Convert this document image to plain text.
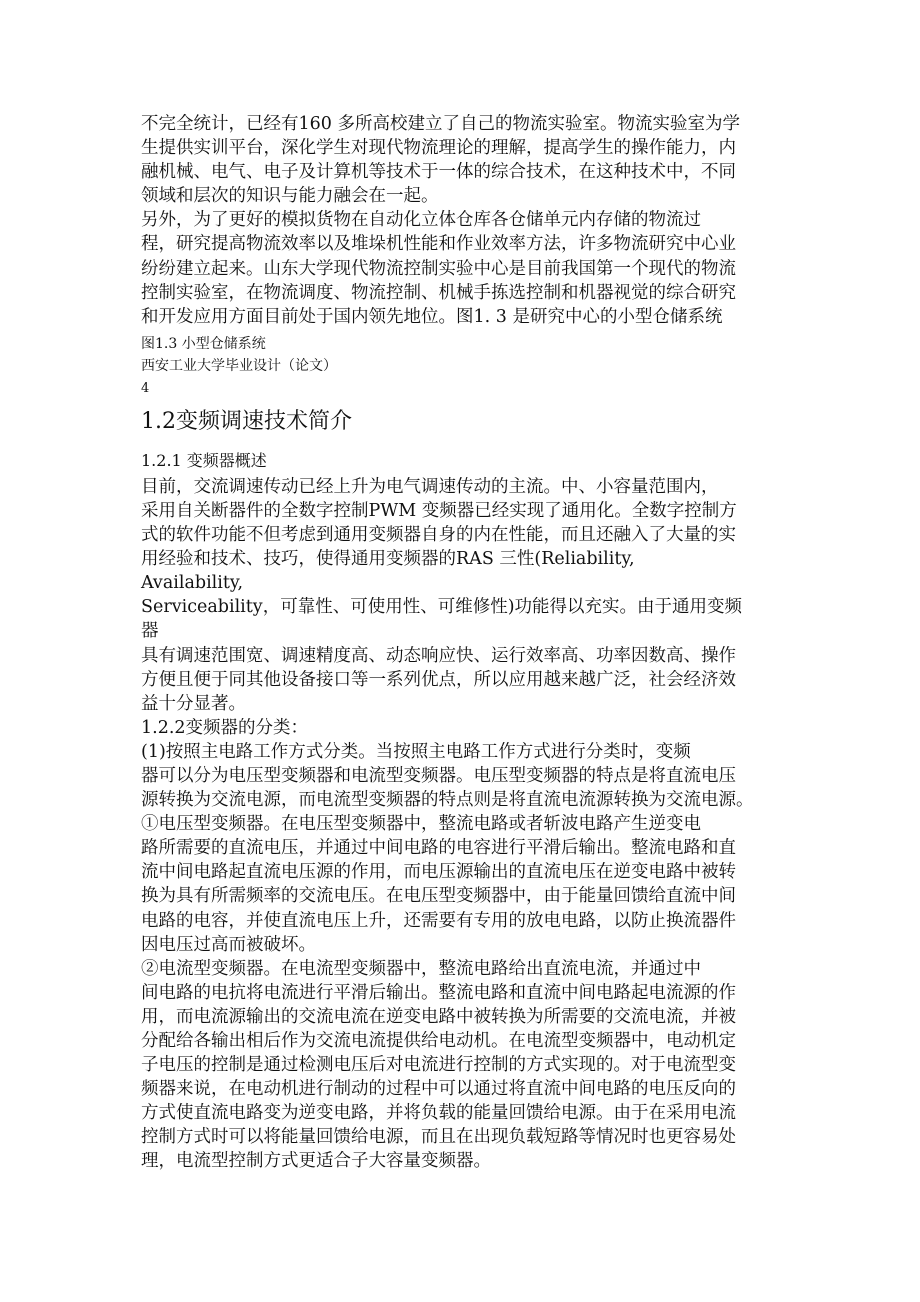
不完全统计，已经有160 多所高校建立了自己的物流实验室。物流实验室为学
生提供实训平台，深化学生对现代物流理论的理解，提高学生的操作能力，内
融机械、电气、电子及计算机等技术于一体的综合技术，在这种技术中，不同
领域和层次的知识与能力融会在一起。
另外，为了更好的模拟货物在自动化立体仓库各仓储单元内存储的物流过
程，研究提高物流效率以及堆垛机性能和作业效率方法，许多物流研究中心业
纷纷建立起来。山东大学现代物流控制实验中心是目前我国第一个现代的物流
控制实验室，在物流调度、物流控制、机械手拣选控制和机器视觉的综合研究
和开发应用方面目前处于国内领先地位。图1. 3 是研究中心的小型仓储系统
图1.3 小型仓储系统
西安工业大学毕业设计（论文）
4
1.2变频调速技术简介
1.2.1 变频器概述
目前，交流调速传动已经上升为电气调速传动的主流。中、小容量范围内，
采用自关断器件的全数字控制PWM 变频器已经实现了通用化。全数字控制方
式的软件功能不但考虑到通用变频器自身的内在性能，而且还融入了大量的实
用经验和技术、技巧，使得通用变频器的RAS 三性(Reliability,
Availability,
Serviceability，可靠性、可使用性、可维修性)功能得以充实。由于通用变频
器
具有调速范围宽、调速精度高、动态响应快、运行效率高、功率因数高、操作
方便且便于同其他设备接口等一系列优点，所以应用越来越广泛，社会经济效
益十分显著。
1.2.2变频器的分类：
(1)按照主电路工作方式分类。当按照主电路工作方式进行分类时，变频
器可以分为电压型变频器和电流型变频器。电压型变频器的特点是将直流电压
源转换为交流电源，而电流型变频器的特点则是将直流电流源转换为交流电源。
①电压型变频器。在电压型变频器中，整流电路或者斩波电路产生逆变电
路所需要的直流电压，并通过中间电路的电容进行平滑后输出。整流电路和直
流中间电路起直流电压源的作用，而电压源输出的直流电压在逆变电路中被转
换为具有所需频率的交流电压。在电压型变频器中，由于能量回馈给直流中间
电路的电容，并使直流电压上升，还需要有专用的放电电路，以防止换流器件
因电压过高而被破坏。
②电流型变频器。在电流型变频器中，整流电路给出直流电流，并通过中
间电路的电抗将电流进行平滑后输出。整流电路和直流中间电路起电流源的作
用，而电流源输出的交流电流在逆变电路中被转换为所需要的交流电流，并被
分配给各输出相后作为交流电流提供给电动机。在电流型变频器中，电动机定
子电压的控制是通过检测电压后对电流进行控制的方式实现的。对于电流型变
频器来说，在电动机进行制动的过程中可以通过将直流中间电路的电压反向的
方式使直流电路变为逆变电路，并将负载的能量回馈给电源。由于在采用电流
控制方式时可以将能量回馈给电源，而且在出现负载短路等情况时也更容易处
理，电流型控制方式更适合子大容量变频器。
